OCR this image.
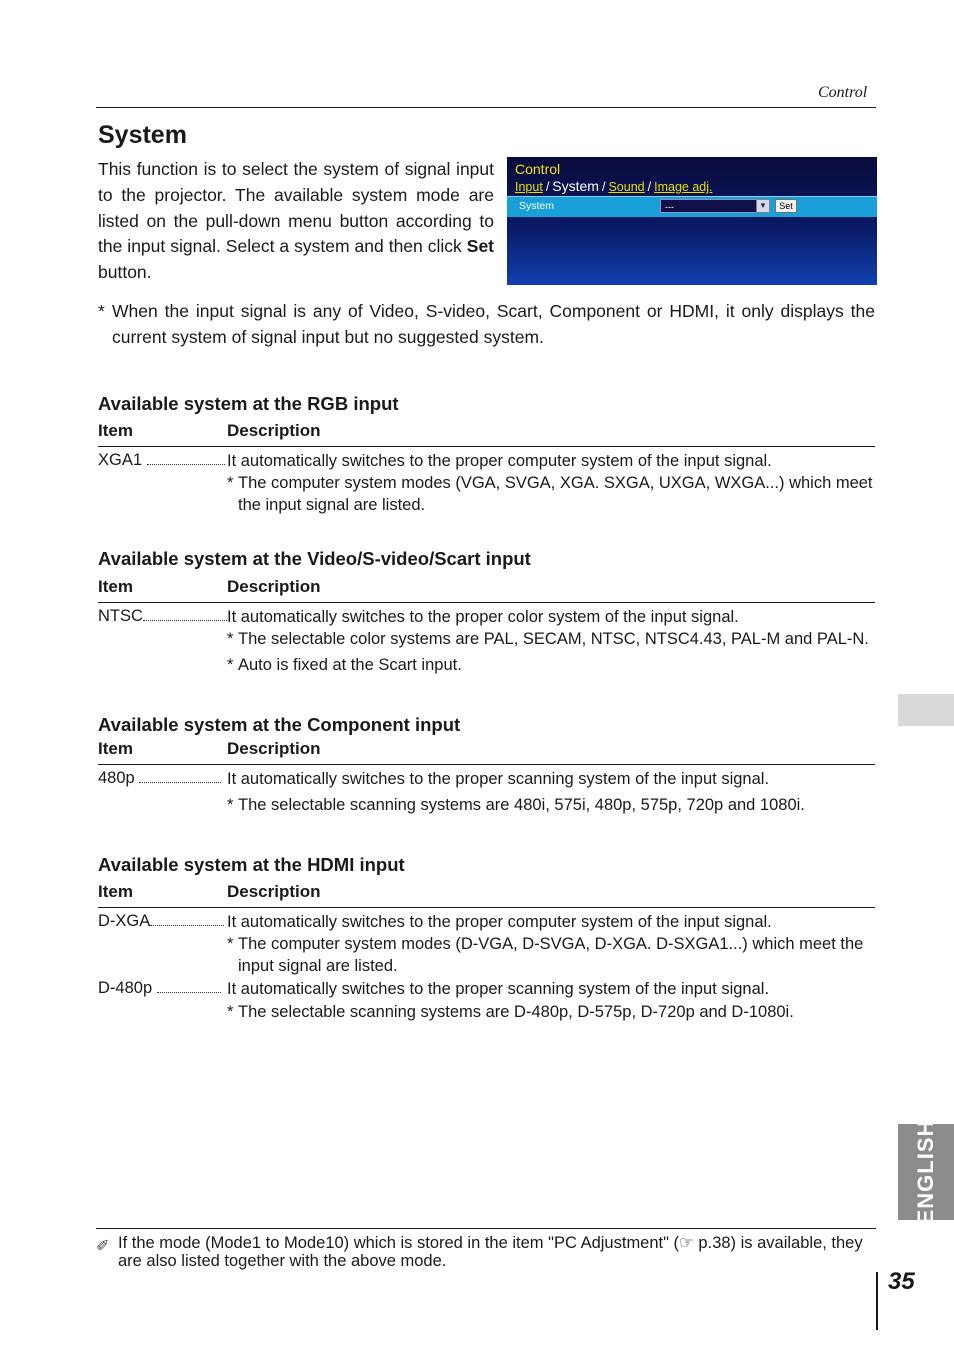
Control
System
This function is to select the system of signal input to the projector. The available system mode are listed on the pull-down menu button according to the input signal. Select a system and then click Set button.
Control
Input / System / Sound / Image adj.
System	---	▼	Set
* When the input signal is any of Video, S-video, Scart, Component or HDMI, it only displays the current system of signal input but no suggested system.
Available system at the RGB input
Item	Description
XGA1	It automatically switches to the proper computer system of the input signal.
* The computer system modes (VGA, SVGA, XGA. SXGA, UXGA, WXGA...) which meet the input signal are listed.
Available system at the Video/S-video/Scart input
Item	Description
NTSC	It automatically switches to the proper color system of the input signal.
* The selectable color systems are PAL, SECAM, NTSC, NTSC4.43, PAL-M and PAL-N.
* Auto is fixed at the Scart input.
Available system at the Component input
Item	Description
480p	It automatically switches to the proper scanning system of the input signal.
* The selectable scanning systems are 480i, 575i, 480p, 575p, 720p and 1080i.
Available system at the HDMI input
Item	Description
D-XGA	It automatically switches to the proper computer system of the input signal.
* The computer system modes (D-VGA, D-SVGA, D-XGA. D-SXGA1...) which meet the input signal are listed.
D-480p	It automatically switches to the proper scanning system of the input signal.
* The selectable scanning systems are D-480p, D-575p, D-720p and D-1080i.
ENGLISH
✐ If the mode (Mode1 to Mode10) which is stored in the item "PC Adjustment" (☞ p.38) is available, they are also listed together with the above mode.
35
